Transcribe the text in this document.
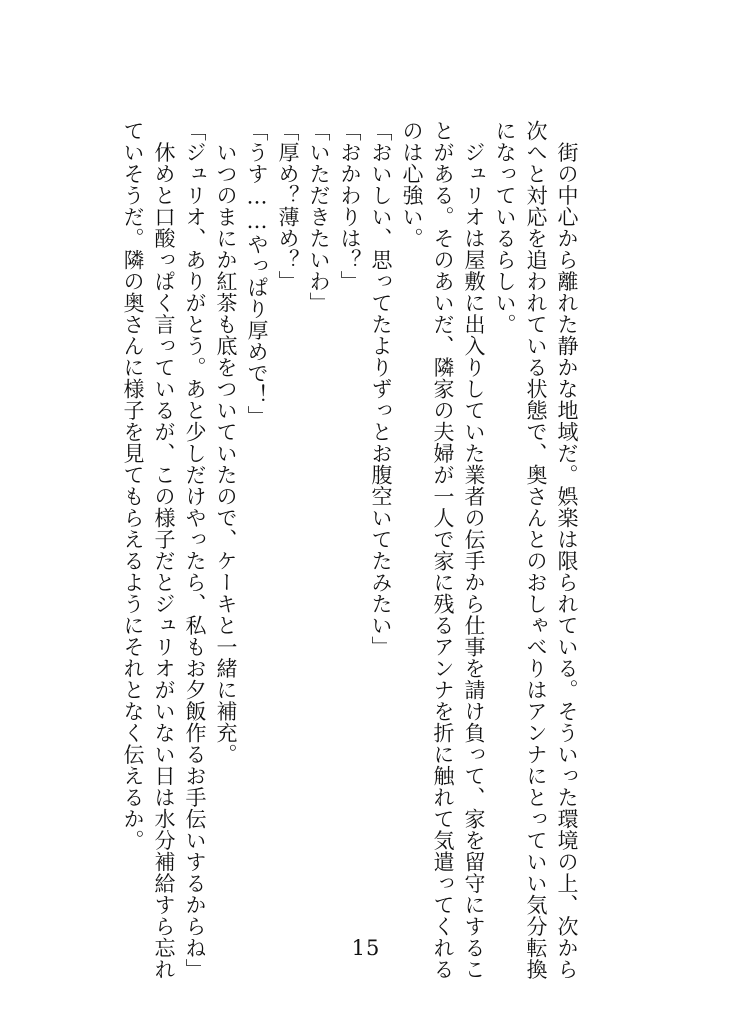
　街の中心から離れた静かな地域だ。娯楽は限られている。そういった環境の上、次から
次へと対応を追われている状態で、奥さんとのおしゃべりはアンナにとっていい気分転換
になっているらしい。
　ジュリオは屋敷に出入りしていた業者の伝手から仕事を請け負って、家を留守にするこ
とがある。そのあいだ、隣家の夫婦が一人で家に残るアンナを折に触れて気遣ってくれる
のは心強い。
「おいしい、思ってたよりずっとお腹空いてたみたい」
「おかわりは？」
「いただきたいわ」
「厚め？薄め？」
「うす……やっぱり厚めで！」
　いつのまにか紅茶も底をついていたので、ケーキと一緒に補充。
「ジュリオ、ありがとう。あと少しだけやったら、私もお夕飯作るお手伝いするからね」
　休めと口酸っぱく言っているが、この様子だとジュリオがいない日は水分補給すら忘れ
ていそうだ。隣の奥さんに様子を見てもらえるようにそれとなく伝えるか。
15
